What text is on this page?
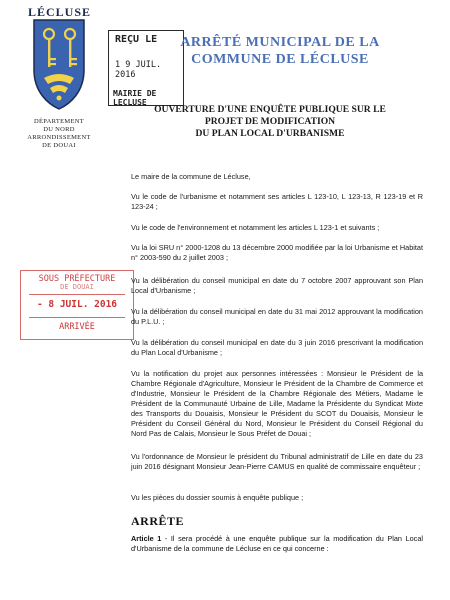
LÉCLUSE
DÉPARTEMENT
DU NORD
ARRONDISSEMENT
DE DOUAI
REÇU LE
1 9 JUIL. 2016
MAIRIE DE LECLUSE
ARRÊTÉ MUNICIPAL DE LA
COMMUNE DE LÉCLUSE
OUVERTURE D'UNE ENQUÊTE PUBLIQUE SUR LE
PROJET DE MODIFICATION
DU PLAN LOCAL D'URBANISME
SOUS PRÉFECTURE
DE DOUAI
- 8 JUIL. 2016
ARRIVÉE
Le maire de la commune de Lécluse,
Vu le code de l'urbanisme et notamment ses articles L 123-10, L 123-13, R 123-19 et R 123-24 ;
Vu le code de l'environnement et notamment les articles L 123-1 et suivants ;
Vu la loi SRU n° 2000-1208 du 13 décembre 2000 modifiée par la loi Urbanisme et Habitat n° 2003-590 du 2 juillet 2003 ;
Vu la délibération du conseil municipal en date du 7 octobre 2007 approuvant son Plan Local d'Urbanisme ;
Vu la délibération du conseil municipal en date du 31 mai 2012 approuvant la modification du P.L.U. ;
Vu la délibération du conseil municipal en date du 3 juin 2016 prescrivant la modification du Plan Local d'Urbanisme ;
Vu la notification du projet aux personnes intéressées : Monsieur le Président de la Chambre Régionale d'Agriculture, Monsieur le Président de la Chambre de Commerce et d'Industrie, Monsieur le Président de la Chambre Régionale des Métiers, Madame le Président de la Communauté Urbaine de Lille, Madame la Présidente du Syndicat Mixte des Transports du Douaisis, Monsieur le Président du SCOT du Douaisis, Monsieur le Président du Conseil Général du Nord, Monsieur le Président du Conseil Régional du Nord Pas de Calais, Monsieur le Sous Préfet de Douai ;
Vu l'ordonnance de Monsieur le président du Tribunal administratif de Lille en date du 23 juin 2016 désignant Monsieur Jean-Pierre CAMUS en qualité de commissaire enquêteur ;
Vu les pièces du dossier soumis à enquête publique ;
ARRÊTE
Article 1 - Il sera procédé à une enquête publique sur la modification du Plan Local d'Urbanisme de la commune de Lécluse en ce qui concerne :
